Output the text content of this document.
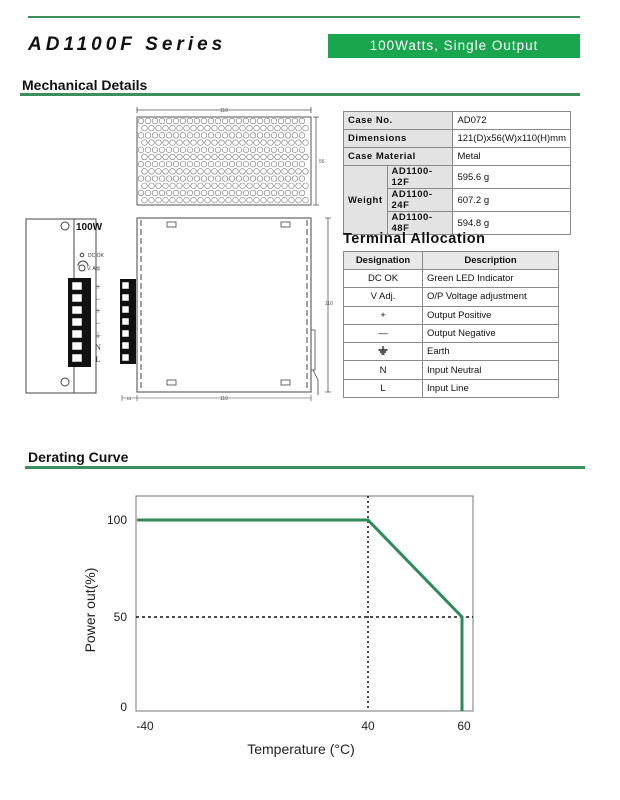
AD1100F Series	100Watts, Single Output
Mechanical Details
110
56
100W
DC OK
V. Adj
+
−
+
−
⏚
N
L
110
110
11
Case No.		AD072
Dimensions		121(D)x56(W)x110(H)mm
Case Material		Metal
Weight	AD1100-12F	595.6 g
	AD1100-24F	607.2 g
	AD1100-48F	594.8 g
Terminal Allocation
Designation	Description
DC OK	Green LED Indicator
V Adj.	O/P Voltage adjustment
+	Output Positive
—	Output Negative
	Earth
N	Input Neutral
L	Input Line
Derating Curve
100
50
0
-40	40	60
Temperature (°C)
Power out(%)
